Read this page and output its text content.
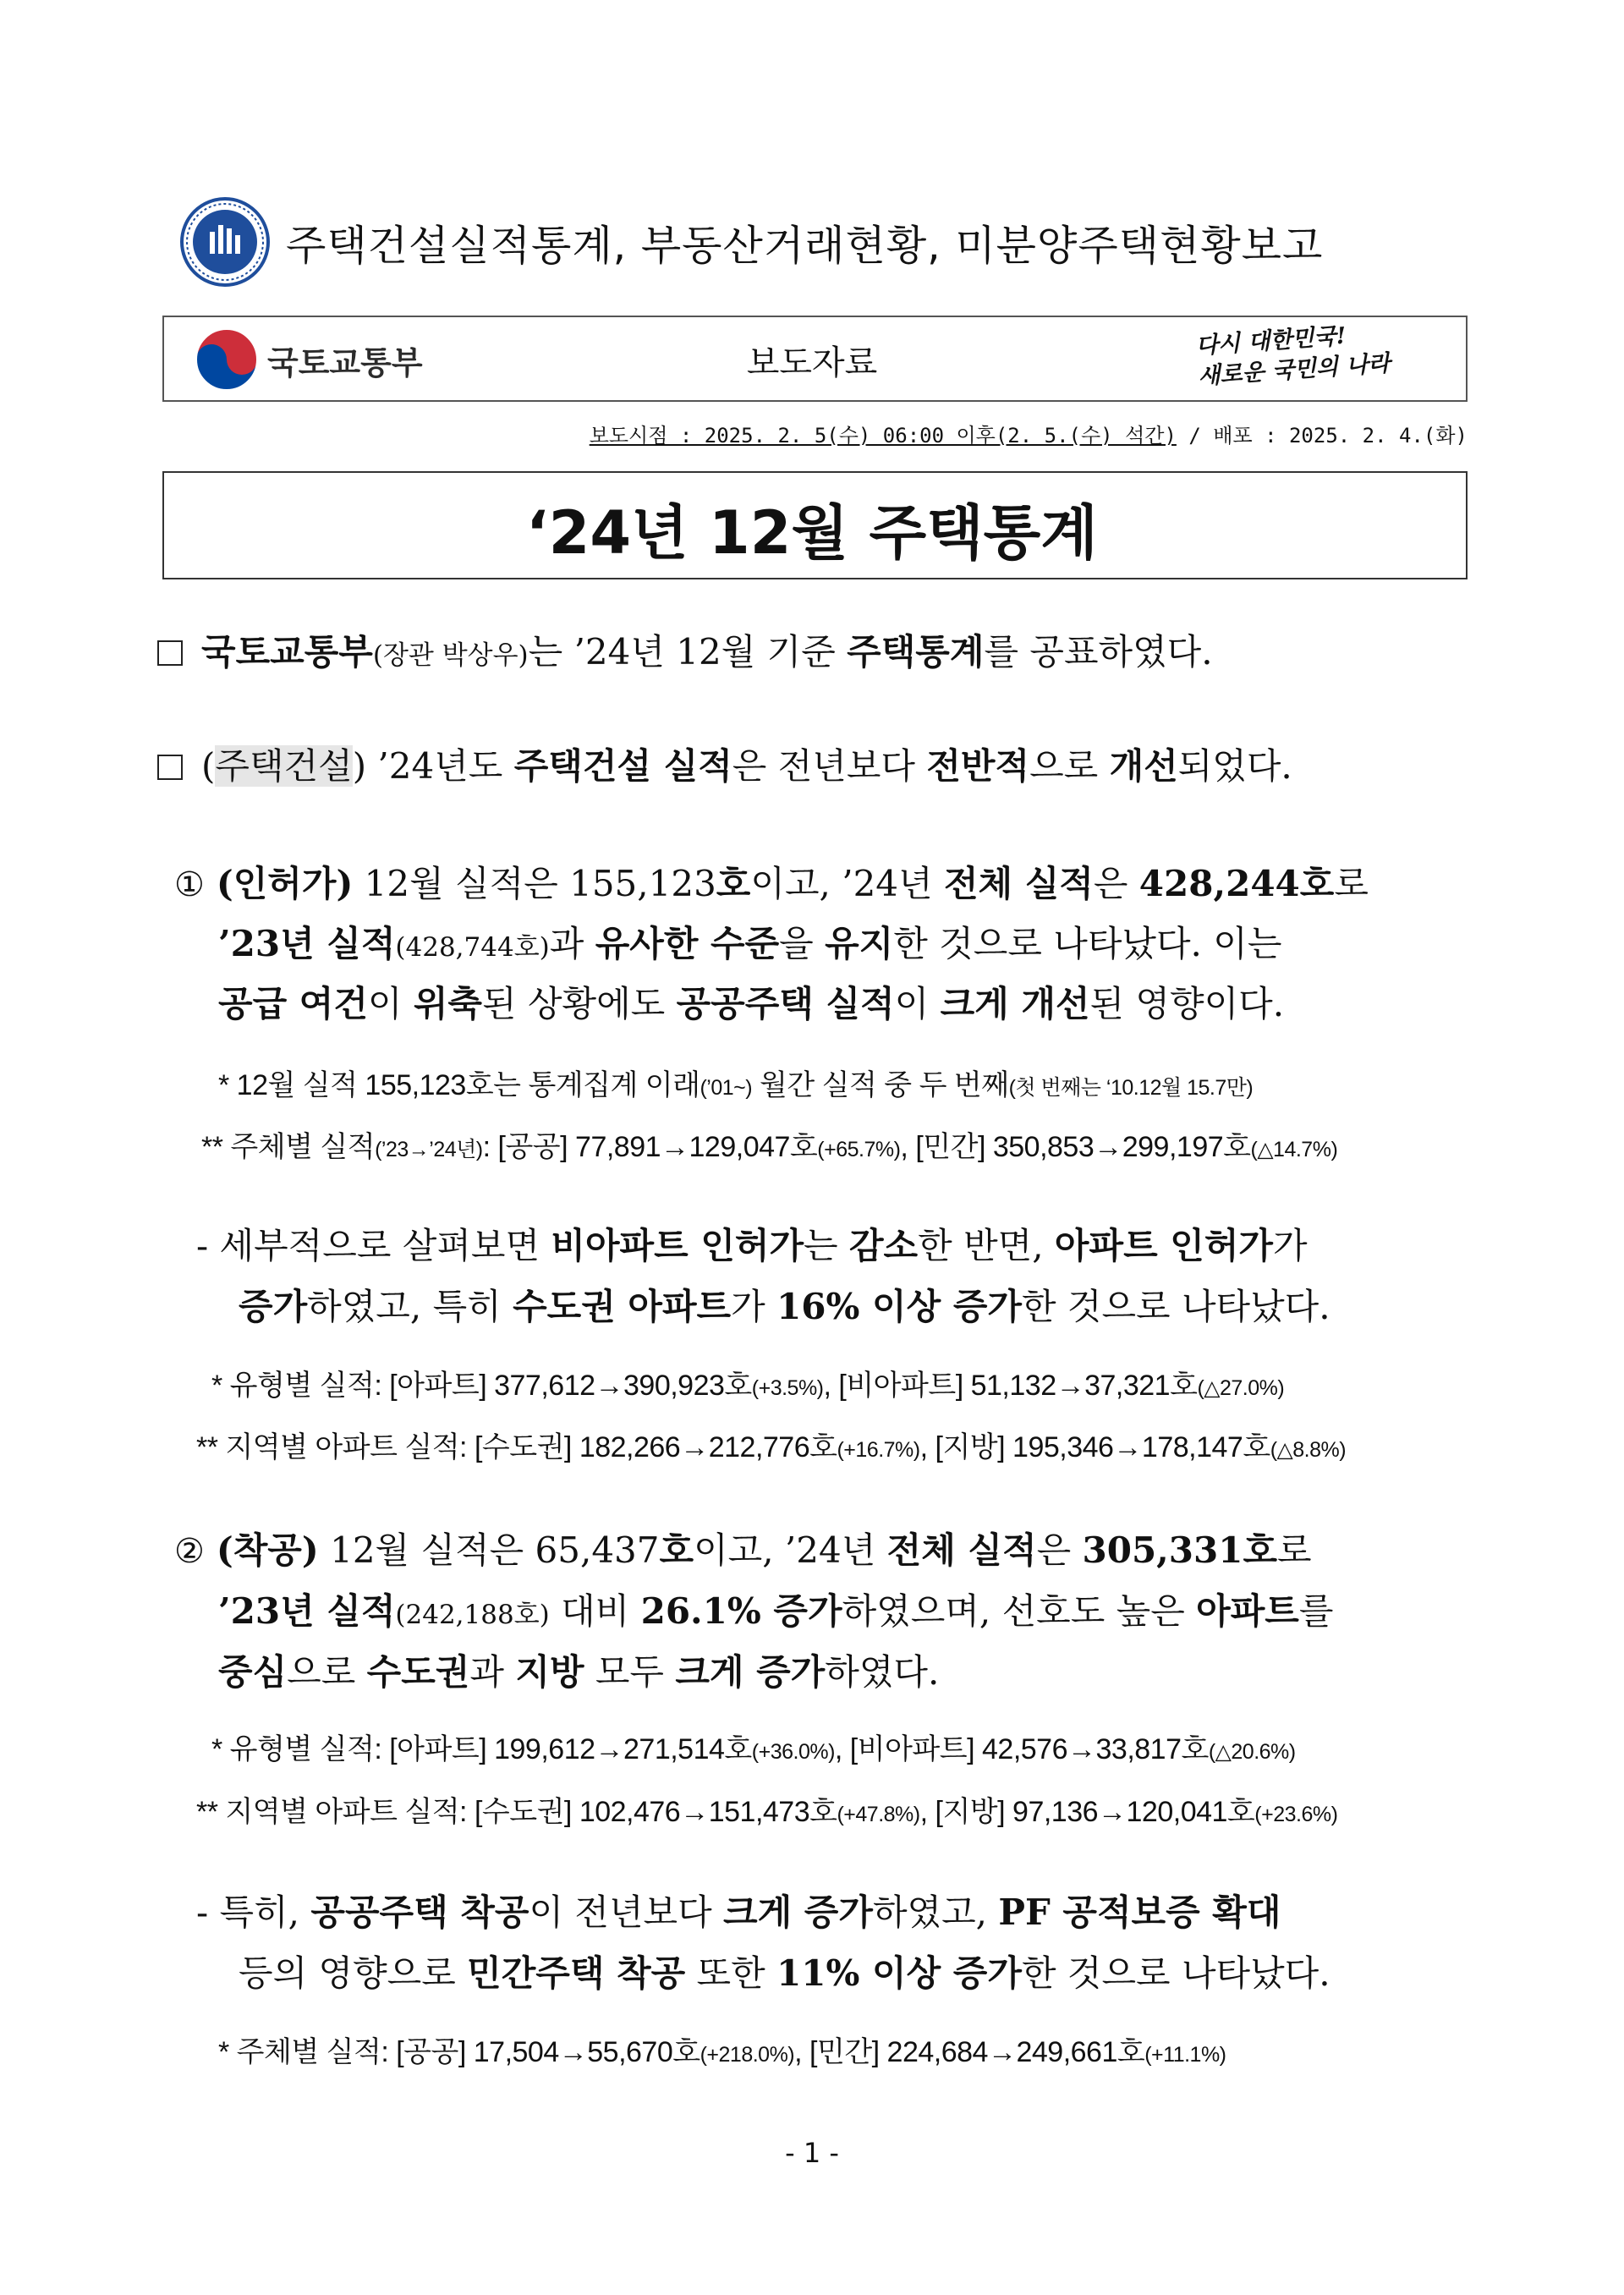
주택건설실적통계, 부동산거래현황, 미분양주택현황보고
국토교통부	보도자료
다시 대한민국!
새로운 국민의 나라
보도시점 : 2025. 2. 5(수) 06:00 이후(2. 5.(수) 석간) / 배포 : 2025. 2. 4.(화)
‘24년 12월 주택통계
국토교통부(장관 박상우)는 ’24년 12월 기준 주택통계를 공표하였다.
(주택건설) ’24년도 주택건설 실적은 전년보다 전반적으로 개선되었다.
① (인허가) 12월 실적은 155,123호이고, ’24년 전체 실적은 428,244호로
’23년 실적(428,744호)과 유사한 수준을 유지한 것으로 나타났다. 이는
공급 여건이 위축된 상황에도 공공주택 실적이 크게 개선된 영향이다.
* 12월 실적 155,123호는 통계집계 이래(’01~) 월간 실적 중 두 번째(첫 번째는 ‘10.12월 15.7만)
** 주체별 실적(’23→’24년): [공공] 77,891→129,047호(+65.7%), [민간] 350,853→299,197호(△14.7%)
- 세부적으로 살펴보면 비아파트 인허가는 감소한 반면, 아파트 인허가가
증가하였고, 특히 수도권 아파트가 16% 이상 증가한 것으로 나타났다.
* 유형별 실적: [아파트] 377,612→390,923호(+3.5%), [비아파트] 51,132→37,321호(△27.0%)
** 지역별 아파트 실적: [수도권] 182,266→212,776호(+16.7%), [지방] 195,346→178,147호(△8.8%)
② (착공) 12월 실적은 65,437호이고, ’24년 전체 실적은 305,331호로
’23년 실적(242,188호) 대비 26.1% 증가하였으며, 선호도 높은 아파트를
중심으로 수도권과 지방 모두 크게 증가하였다.
* 유형별 실적: [아파트] 199,612→271,514호(+36.0%), [비아파트] 42,576→33,817호(△20.6%)
** 지역별 아파트 실적: [수도권] 102,476→151,473호(+47.8%), [지방] 97,136→120,041호(+23.6%)
- 특히, 공공주택 착공이 전년보다 크게 증가하였고, PF 공적보증 확대
등의 영향으로 민간주택 착공 또한 11% 이상 증가한 것으로 나타났다.
* 주체별 실적: [공공] 17,504→55,670호(+218.0%), [민간] 224,684→249,661호(+11.1%)
- 1 -
